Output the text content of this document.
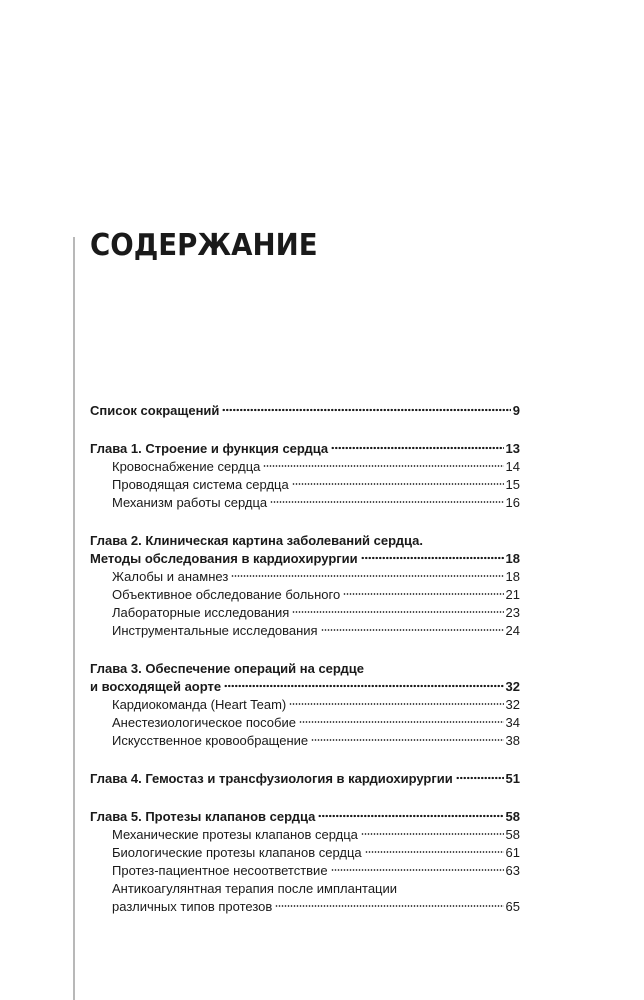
СОДЕРЖАНИЕ
Список сокращений	9
Глава 1. Строение и функция сердца	13
Кровоснабжение сердца	14
Проводящая система сердца	15
Механизм работы сердца	16
Глава 2. Клиническая картина заболеваний сердца.
Методы обследования в кардиохирургии	18
Жалобы и анамнез	18
Объективное обследование больного	21
Лабораторные исследования	23
Инструментальные исследования	24
Глава 3. Обеспечение операций на сердце
и восходящей аорте	32
Кардиокоманда (Heart Team)	32
Анестезиологическое пособие	34
Искусственное кровообращение	38
Глава 4. Гемостаз и трансфузиология в кардиохирургии	51
Глава 5. Протезы клапанов сердца	58
Механические протезы клапанов сердца	58
Биологические протезы клапанов сердца	61
Протез-пациентное несоответствие	63
Антикоагулянтная терапия после имплантации
различных типов протезов	65
